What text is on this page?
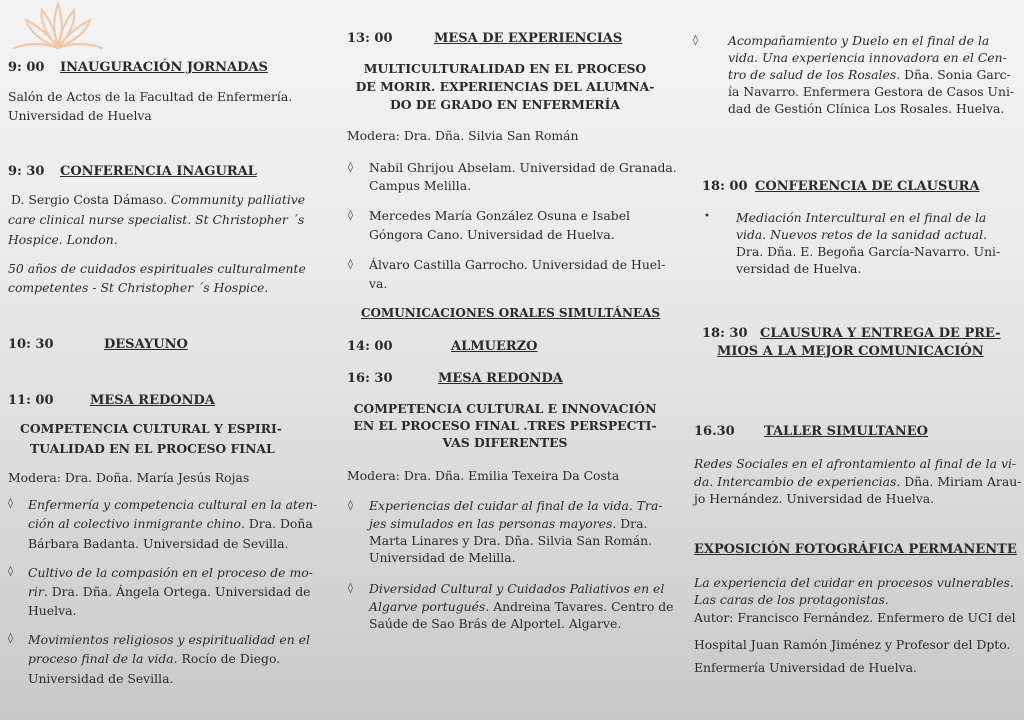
9: 00 INAUGURACIÓN JORNADAS
Salón de Actos de la Facultad de Enfermería.
Universidad de Huelva
9: 30 CONFERENCIA INAGURAL
D. Sergio Costa Dámaso. Community palliative
care clinical nurse specialist. St Christopher ´s
Hospice. London.
50 años de cuidados espirituales culturalmente
competentes - St Christopher ´s Hospice.
10: 30	DESAYUNO
11: 00	MESA REDONDA
COMPETENCIA CULTURAL Y ESPIRI-
TUALIDAD EN EL PROCESO FINAL
Modera: Dra. Doña. María Jesús Rojas
◊ Enfermería y competencia cultural en la aten-
ción al colectivo inmigrante chino. Dra. Doña
Bárbara Badanta. Universidad de Sevilla.
◊ Cultivo de la compasión en el proceso de mo-
rir. Dra. Dña. Ángela Ortega. Universidad de
Huelva.
◊ Movimientos religiosos y espiritualidad en el
proceso final de la vida. Rocío de Diego.
Universidad de Sevilla.
13: 00	MESA DE EXPERIENCIAS
MULTICULTURALIDAD EN EL PROCESO
DE MORIR. EXPERIENCIAS DEL ALUMNA-
DO DE GRADO EN ENFERMERÍA
Modera: Dra. Dña. Silvia San Román
◊ Nabil Ghrijou Abselam. Universidad de Granada.
Campus Melilla.
◊ Mercedes María González Osuna e Isabel
Góngora Cano. Universidad de Huelva.
◊ Álvaro Castilla Garrocho. Universidad de Huel-
va.
COMUNICACIONES ORALES SIMULTÁNEAS
14: 00	ALMUERZO
16: 30	MESA REDONDA
COMPETENCIA CULTURAL E INNOVACIÓN
EN EL PROCESO FINAL .TRES PERSPECTI-
VAS DIFERENTES
Modera: Dra. Dña. Emilia Texeira Da Costa
◊ Experiencias del cuidar al final de la vida. Tra-
jes simulados en las personas mayores. Dra.
Marta Linares y Dra. Dña. Silvia San Román.
Universidad de Melilla.
◊ Diversidad Cultural y Cuidados Paliativos en el
Algarve portugués. Andreina Tavares. Centro de
Saúde de Sao Brás de Alportel. Algarve.
◊ Acompañamiento y Duelo en el final de la
vida. Una experiencia innovadora en el Cen-
tro de salud de los Rosales. Dña. Sonia Garc-
ía Navarro. Enfermera Gestora de Casos Uni-
dad de Gestión Clínica Los Rosales. Huelva.
18: 00 CONFERENCIA DE CLAUSURA
• Mediación Intercultural en el final de la
vida. Nuevos retos de la sanidad actual.
Dra. Dña. E. Begoña García-Navarro. Uni-
versidad de Huelva.
18: 30 CLAUSURA Y ENTREGA DE PRE-
MIOS A LA MEJOR COMUNICACIÓN
16.30 TALLER SIMULTANEO
Redes Sociales en el afrontamiento al final de la vi-
da. Intercambio de experiencias. Dña. Miriam Arau-
jo Hernández. Universidad de Huelva.
EXPOSICIÓN FOTOGRÁFICA PERMANENTE
La experiencia del cuidar en procesos vulnerables.
Las caras de los protagonistas.
Autor: Francisco Fernández. Enfermero de UCI del
Hospital Juan Ramón Jiménez y Profesor del Dpto.
Enfermería Universidad de Huelva.
